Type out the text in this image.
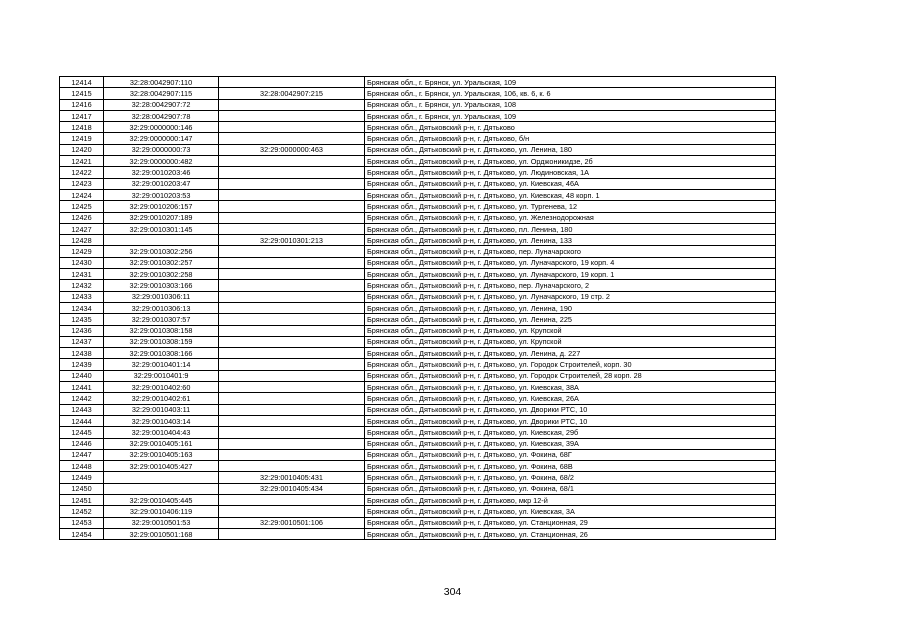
12414	32:28:0042907:110		Брянская обл., г. Брянск, ул. Уральская, 109
12415	32:28:0042907:115	32:28:0042907:215	Брянская обл., г. Брянск, ул. Уральская, 106, кв. 6, к. 6
12416	32:28:0042907:72		Брянская обл., г. Брянск, ул. Уральская, 108
12417	32:28:0042907:78		Брянская обл., г. Брянск, ул. Уральская, 109
12418	32:29:0000000:146		Брянская обл., Дятьковский р-н, г. Дятьково
12419	32:29:0000000:147		Брянская обл., Дятьковский р-н, г. Дятьково, б/н
12420	32:29:0000000:73	32:29:0000000:463	Брянская обл., Дятьковский р-н, г. Дятьково, ул. Ленина, 180
12421	32:29:0000000:482		Брянская обл., Дятьковский р-н, г. Дятьково, ул. Орджоникидзе, 2б
12422	32:29:0010203:46		Брянская обл., Дятьковский р-н, г. Дятьково, ул. Людиновская, 1А
12423	32:29:0010203:47		Брянская обл., Дятьковский р-н, г. Дятьково, ул. Киевская, 46А
12424	32:29:0010203:53		Брянская обл., Дятьковский р-н, г. Дятьково, ул. Киевская, 48 корп. 1
12425	32:29:0010206:157		Брянская обл., Дятьковский р-н, г. Дятьково, ул. Тургенева, 12
12426	32:29:0010207:189		Брянская обл., Дятьковский р-н, г. Дятьково, ул. Железнодорожная
12427	32:29:0010301:145		Брянская обл., Дятьковский р-н, г. Дятьково, пл. Ленина, 180
12428		32:29:0010301:213	Брянская обл., Дятьковский р-н, г. Дятьково, ул. Ленина, 133
12429	32:29:0010302:256		Брянская обл., Дятьковский р-н, г. Дятьково, пер. Луначарского
12430	32:29:0010302:257		Брянская обл., Дятьковский р-н, г. Дятьково, ул. Луначарского, 19 корп. 4
12431	32:29:0010302:258		Брянская обл., Дятьковский р-н, г. Дятьково, ул. Луначарского, 19 корп. 1
12432	32:29:0010303:166		Брянская обл., Дятьковский р-н, г. Дятьково, пер. Луначарского, 2
12433	32:29:0010306:11		Брянская обл., Дятьковский р-н, г. Дятьково, ул. Луначарского, 19 стр. 2
12434	32:29:0010306:13		Брянская обл., Дятьковский р-н, г. Дятьково, ул. Ленина, 190
12435	32:29:0010307:57		Брянская обл., Дятьковский р-н, г. Дятьково, ул. Ленина, 225
12436	32:29:0010308:158		Брянская обл., Дятьковский р-н, г. Дятьково, ул. Крупской
12437	32:29:0010308:159		Брянская обл., Дятьковский р-н, г. Дятьково, ул. Крупской
12438	32:29:0010308:166		Брянская обл., Дятьковский р-н, г. Дятьково, ул. Ленина, д. 227
12439	32:29:0010401:14		Брянская обл., Дятьковский р-н, г. Дятьково, ул. Городок Строителей, корп. 30
12440	32:29:0010401:9		Брянская обл., Дятьковский р-н, г. Дятьково, ул. Городок Строителей, 28 корп. 28
12441	32:29:0010402:60		Брянская обл., Дятьковский р-н, г. Дятьково, ул. Киевская, 38А
12442	32:29:0010402:61		Брянская обл., Дятьковский р-н, г. Дятьково, ул. Киевская, 26А
12443	32:29:0010403:11		Брянская обл., Дятьковский р-н, г. Дятьково, ул. Дворики РТС, 10
12444	32:29:0010403:14		Брянская обл., Дятьковский р-н, г. Дятьково, ул. Дворики РТС, 10
12445	32:29:0010404:43		Брянская обл., Дятьковский р-н, г. Дятьково, ул. Киевская, 29б
12446	32:29:0010405:161		Брянская обл., Дятьковский р-н, г. Дятьково, ул. Киевская, 39А
12447	32:29:0010405:163		Брянская обл., Дятьковский р-н, г. Дятьково, ул. Фокина, 68Г
12448	32:29:0010405:427		Брянская обл., Дятьковский р-н, г. Дятьково, ул. Фокина, 68В
12449		32:29:0010405:431	Брянская обл., Дятьковский р-н, г. Дятьково, ул. Фокина, 68/2
12450		32:29:0010405:434	Брянская обл., Дятьковский р-н, г. Дятьково, ул. Фокина, 68/1
12451	32:29:0010405:445		Брянская обл., Дятьковский р-н, г. Дятьково, мкр 12-й
12452	32:29:0010406:119		Брянская обл., Дятьковский р-н, г. Дятьково, ул. Киевская, 3А
12453	32:29:0010501:53	32:29:0010501:106	Брянская обл., Дятьковский р-н, г. Дятьково, ул. Станционная, 29
12454	32:29:0010501:168		Брянская обл., Дятьковский р-н, г. Дятьково, ул. Станционная, 26
304
